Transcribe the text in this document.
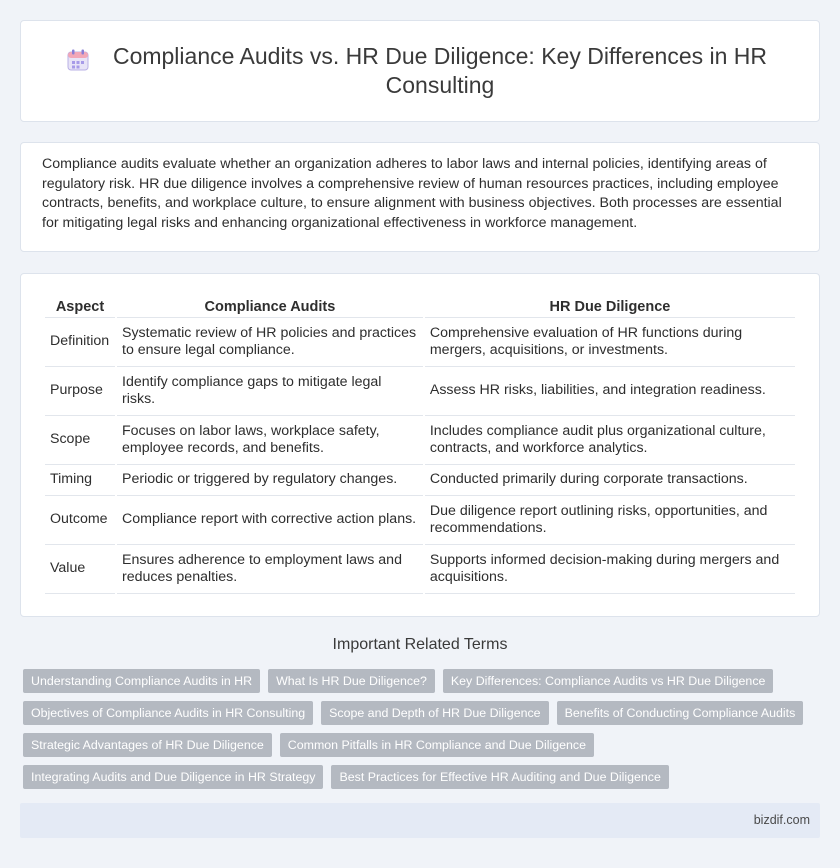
Compliance Audits vs. HR Due Diligence: Key Differences in HR Consulting

Compliance audits evaluate whether an organization adheres to labor laws and internal policies, identifying areas of regulatory risk. HR due diligence involves a comprehensive review of human resources practices, including employee contracts, benefits, and workplace culture, to ensure alignment with business objectives. Both processes are essential for mitigating legal risks and enhancing organizational effectiveness in workforce management.

Aspect	Compliance Audits	HR Due Diligence
Definition	Systematic review of HR policies and practices to ensure legal compliance.	Comprehensive evaluation of HR functions during mergers, acquisitions, or investments.
Purpose	Identify compliance gaps to mitigate legal risks.	Assess HR risks, liabilities, and integration readiness.
Scope	Focuses on labor laws, workplace safety, employee records, and benefits.	Includes compliance audit plus organizational culture, contracts, and workforce analytics.
Timing	Periodic or triggered by regulatory changes.	Conducted primarily during corporate transactions.
Outcome	Compliance report with corrective action plans.	Due diligence report outlining risks, opportunities, and recommendations.
Value	Ensures adherence to employment laws and reduces penalties.	Supports informed decision-making during mergers and acquisitions.
Important Related Terms
Understanding Compliance Audits in HR	What Is HR Due Diligence?	Key Differences: Compliance Audits vs HR Due Diligence
Objectives of Compliance Audits in HR Consulting	Scope and Depth of HR Due Diligence	Benefits of Conducting Compliance Audits
Strategic Advantages of HR Due Diligence	Common Pitfalls in HR Compliance and Due Diligence
Integrating Audits and Due Diligence in HR Strategy	Best Practices for Effective HR Auditing and Due Diligence
bizdif.com
